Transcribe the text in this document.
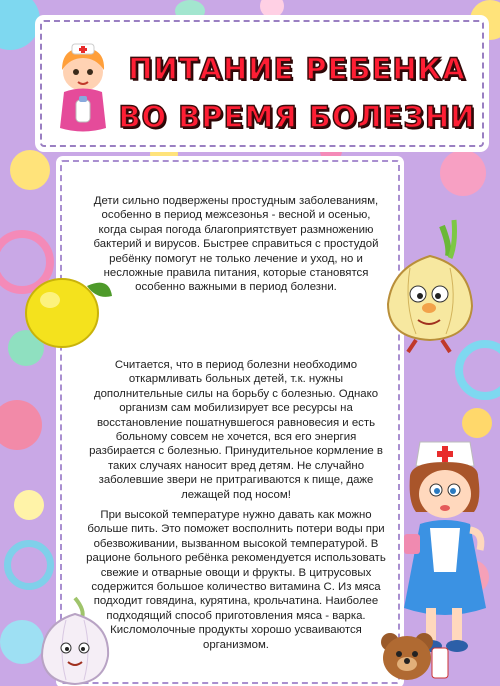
ПИТАНИЕ РЕБЕНКА
ВО ВРЕМЯ БОЛЕЗНИ

Дети сильно подвержены простудным заболеваниям, особенно в период межсезонья - весной и осенью, когда сырая погода благоприятствует размножению бактерий и вирусов. Быстрее справиться с простудой ребёнку помогут не только лечение и уход, но и несложные правила питания, которые становятся особенно важными в период болезни.

Считается, что в период болезни необходимо откармливать больных детей, т.к. нужны дополнительные силы на борьбу с болезнью. Однако организм сам мобилизирует все ресурсы на восстановление пошатнувшегося равновесия и есть больному совсем не хочется, вся его энергия разбирается с болезнью. Принудительное кормление в таких случаях наносит вред детям. Не случайно заболевшие звери не притрагиваются к пище, даже лежащей под носом!

При высокой температуре нужно давать как можно больше пить. Это поможет восполнить потери воды при обезвоживании, вызванном высокой температурой. В рационе больного ребёнка рекомендуется использовать свежие и отварные овощи и фрукты. В цитрусовых содержится большое количество витамина С. Из мяса подходит говядина, курятина, крольчатина. Наиболее подходящий способ приготовления мяса - варка. Кисломолочные продукты хорошо усваиваются организмом.
